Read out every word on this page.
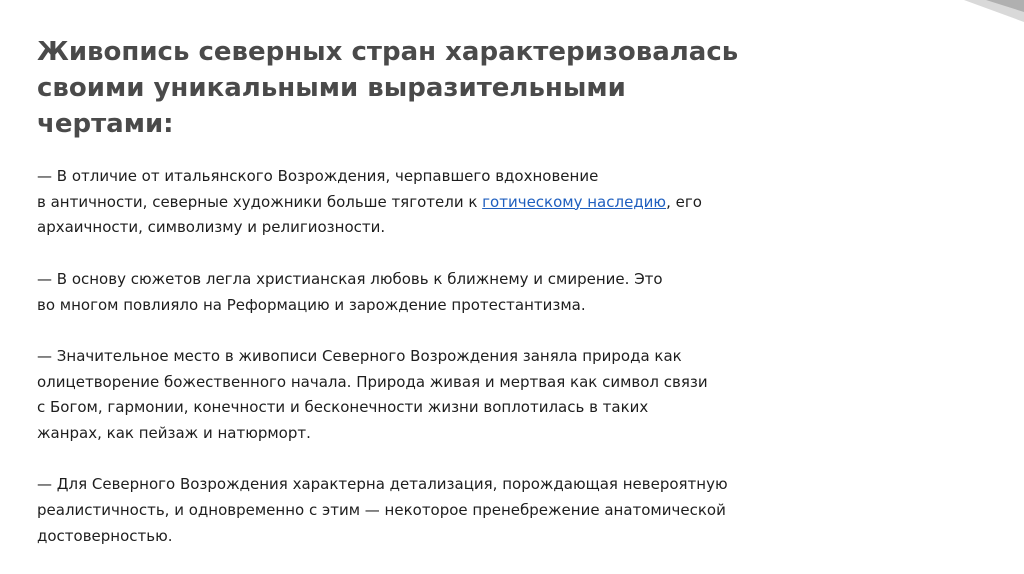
Живопись северных стран характеризовалась
своими уникальными выразительными
чертами:

— В отличие от итальянского Возрождения, черпавшего вдохновение
в античности, северные художники больше тяготели к готическому наследию, его
архаичности, символизму и религиозности.

— В основу сюжетов легла христианская любовь к ближнему и смирение. Это
во многом повлияло на Реформацию и зарождение протестантизма.

— Значительное место в живописи Северного Возрождения заняла природа как
олицетворение божественного начала. Природа живая и мертвая как символ связи
с Богом, гармонии, конечности и бесконечности жизни воплотилась в таких
жанрах, как пейзаж и натюрморт.

— Для Северного Возрождения характерна детализация, порождающая невероятную
реалистичность, и одновременно с этим — некоторое пренебрежение анатомической
достоверностью.
